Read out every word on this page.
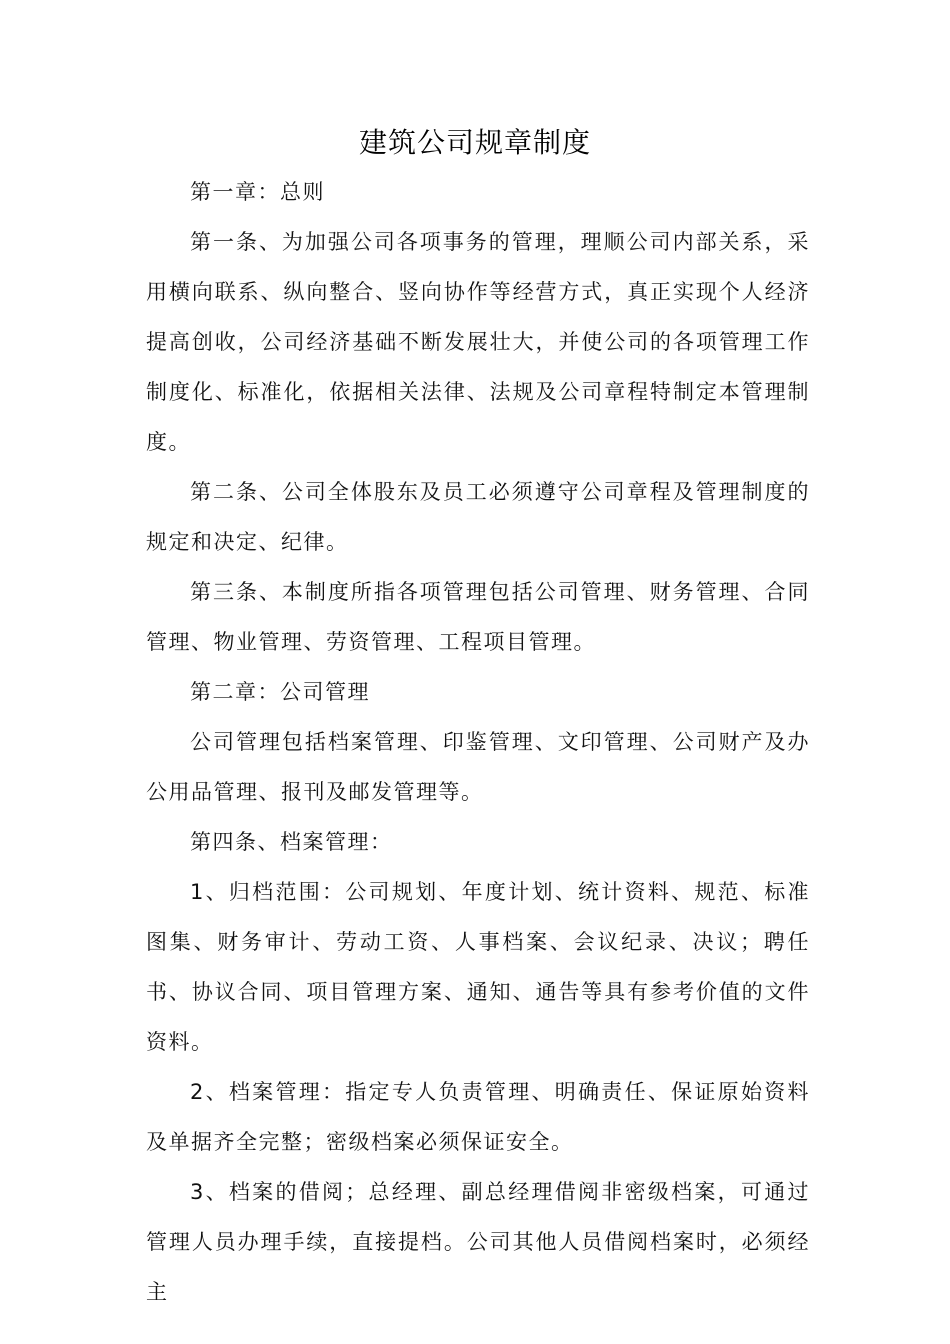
建筑公司规章制度

第一章：总则

第一条、为加强公司各项事务的管理，理顺公司内部关系，采用横向联系、纵向整合、竖向协作等经营方式，真正实现个人经济提高创收，公司经济基础不断发展壮大，并使公司的各项管理工作制度化、标准化，依据相关法律、法规及公司章程特制定本管理制度。

第二条、公司全体股东及员工必须遵守公司章程及管理制度的规定和决定、纪律。

第三条、本制度所指各项管理包括公司管理、财务管理、合同管理、物业管理、劳资管理、工程项目管理。

第二章：公司管理

公司管理包括档案管理、印鉴管理、文印管理、公司财产及办公用品管理、报刊及邮发管理等。

第四条、档案管理：

1、归档范围：公司规划、年度计划、统计资料、规范、标准图集、财务审计、劳动工资、人事档案、会议纪录、决议；聘任书、协议合同、项目管理方案、通知、通告等具有参考价值的文件资料。

2、档案管理：指定专人负责管理、明确责任、保证原始资料及单据齐全完整；密级档案必须保证安全。

3、档案的借阅；总经理、副总经理借阅非密级档案，可通过管理人员办理手续，直接提档。公司其他人员借阅档案时，必须经主
